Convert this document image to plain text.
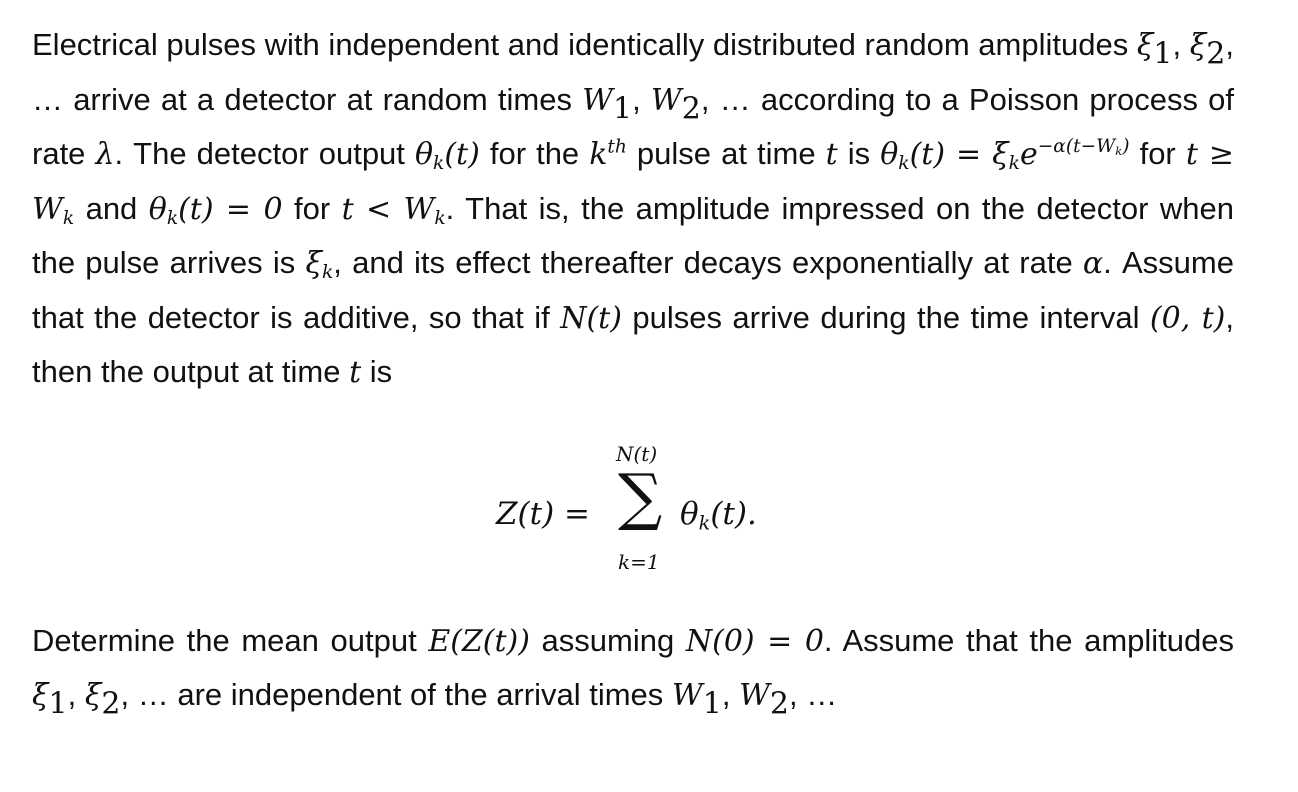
Electrical pulses with independent and identically distributed random amplitudes $\xi_1$, $\xi_2$, … arrive at a detector at random times $W_1$, $W_2$, … according to a Poisson process of rate λ. The detector output $\theta_k(t)$ for the $k^{th}$ pulse at time t is $\theta_k(t) = \xi_ke^{-\alpha(t-W_k)}$ for $t \ge W_k$ and $\theta_k(t) = 0$ for $t < W_k$. That is, the amplitude impressed on the detector when the pulse arrives is $\xi_k$, and its effect thereafter decays exponentially at rate α. Assume that the detector is additive, so that if N(t) pulses arrive during the time interval (0, t), then the output at time t is

Z(t) =
N(t)
∑
k=1
$\theta_k(t)$.

Determine the mean output E(Z(t)) assuming N(0) = 0. Assume that the amplitudes $\xi_1$, $\xi_2$, … are independent of the arrival times $W_1$, $W_2$, …
